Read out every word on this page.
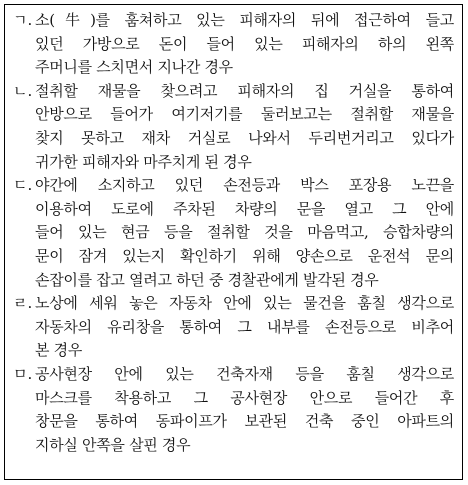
ㄱ. 소(牛)를 훔쳐하고 있는 피해자의 뒤에 접근하여 들고
있던 가방으로 돈이 들어 있는 피해자의 하의 왼쪽
주머니를 스치면서 지나간 경우
ㄴ. 절취할 재물을 찾으려고 피해자의 집 거실을 통하여
안방으로 들어가 여기저기를 둘러보고는 절취할 재물을
찾지 못하고 재차 거실로 나와서 두리번거리고 있다가
귀가한 피해자와 마주치게 된 경우
ㄷ. 야간에 소지하고 있던 손전등과 박스 포장용 노끈을
이용하여 도로에 주차된 차량의 문을 열고 그 안에
들어 있는 현금 등을 절취할 것을 마음먹고, 승합차량의
문이 잠겨 있는지 확인하기 위해 양손으로 운전석 문의
손잡이를 잡고 열려고 하던 중 경찰관에게 발각된 경우
ㄹ. 노상에 세워 놓은 자동차 안에 있는 물건을 훔칠 생각으로
자동차의 유리창을 통하여 그 내부를 손전등으로 비추어
본 경우
ㅁ. 공사현장 안에 있는 건축자재 등을 훔칠 생각으로
마스크를 착용하고 그 공사현장 안으로 들어간 후
창문을 통하여 동파이프가 보관된 건축 중인 아파트의
지하실 안쪽을 살핀 경우
